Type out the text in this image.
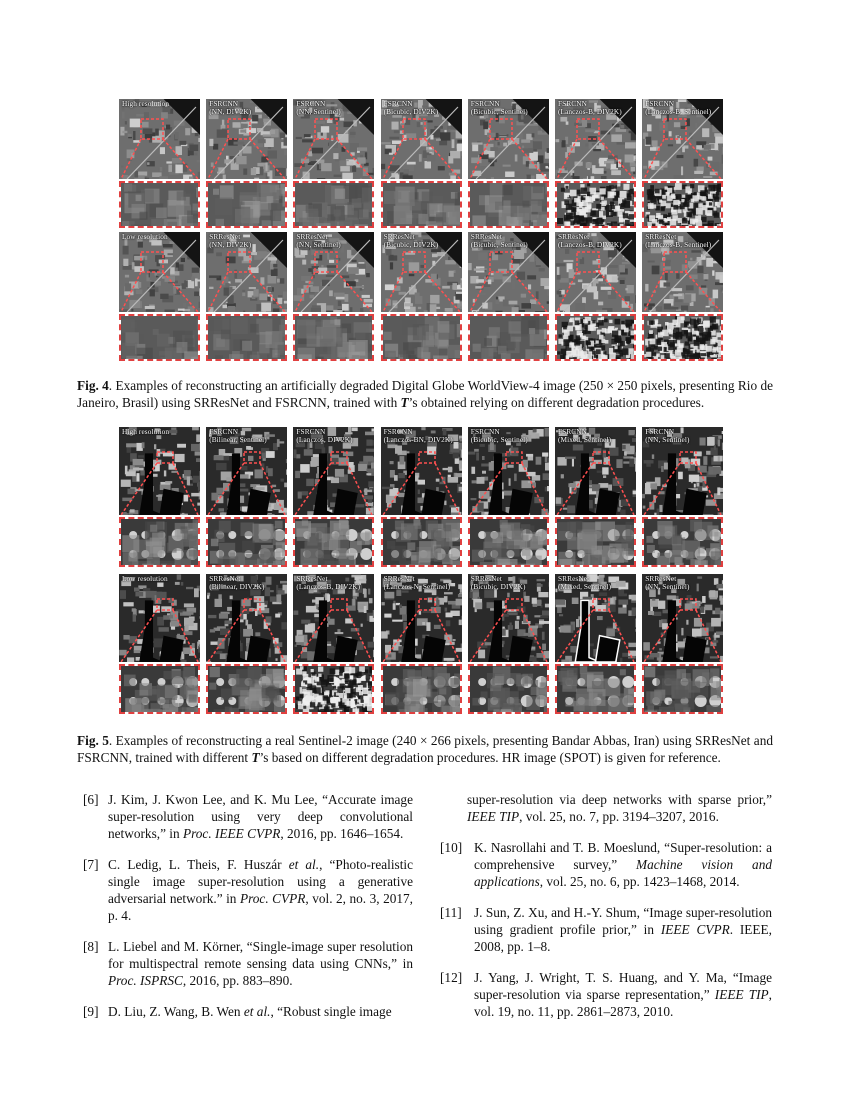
High resolution	FSRCNN
(NN, DIV2K)
FSRCNN
(NN, Sentinel)
FSRCNN
(Bicubic, DIV2K)
FSRCNN
(Bicubic, Sentinel)
FSRCNN
(Lanczos-B, DIV2K)
FSRCNN
(Lanczos-B, Sentinel)
Low resolution	SRResNet
(NN, DIV2K)
SRResNet
(NN, Sentinel)
SRResNet
(Bicubic, DIV2K)
SRResNet
(Bicubic, Sentinel)
SRResNet
(Lanczos-B, DIV2K)
SRResNet
(Lanczos-B, Sentinel)
Fig. 4. Examples of reconstructing an artificially degraded Digital Globe WorldView-4 image (250 × 250 pixels, presenting Rio de Janeiro, Brasil) using SRResNet and FSRCNN, trained with T’s obtained relying on different degradation procedures.
High resolution	FSRCNN
(Bilinear, Sentinel)
FSRCNN
(Lanczos, DIV2K)
FSRCNN
(Lanczos-BN, DIV2K)
FSRCNN
(Bicubic, Sentinel)
FSRCNN
(Mixed, Sentinel)
FSRCNN
(NN, Sentinel)
Low resolution	SRResNet
(Bilinear, DIV2K)
SRResNet
(Lanczos-B, DIV2K)
SRResNet
(Lanczos-N, Sentinel)
SRResNet
(Bicubic, DIV2K)
SRResNet
(Mixed, Sentinel)
SRResNet
(NN, Sentinel)
Fig. 5. Examples of reconstructing a real Sentinel-2 image (240 × 266 pixels, presenting Bandar Abbas, Iran) using SRResNet and FSRCNN, trained with different T’s based on different degradation procedures. HR image (SPOT) is given for reference.
[6] J. Kim, J. Kwon Lee, and K. Mu Lee, “Accurate image super-resolution using very deep convolutional networks,” in Proc. IEEE CVPR, 2016, pp. 1646–1654.
[7] C. Ledig, L. Theis, F. Huszár et al., “Photo-realistic single image super-resolution using a generative adversarial network.” in Proc. CVPR, vol. 2, no. 3, 2017, p. 4.
[8] L. Liebel and M. Körner, “Single-image super resolution for multispectral remote sensing data using CNNs,” in Proc. ISPRSC, 2016, pp. 883–890.
[9] D. Liu, Z. Wang, B. Wen et al., “Robust single image
super-resolution via deep networks with sparse prior,” IEEE TIP, vol. 25, no. 7, pp. 3194–3207, 2016.
[10] K. Nasrollahi and T. B. Moeslund, “Super-resolution: a comprehensive survey,” Machine vision and applications, vol. 25, no. 6, pp. 1423–1468, 2014.
[11] J. Sun, Z. Xu, and H.-Y. Shum, “Image super-resolution using gradient profile prior,” in IEEE CVPR. IEEE, 2008, pp. 1–8.
[12] J. Yang, J. Wright, T. S. Huang, and Y. Ma, “Image super-resolution via sparse representation,” IEEE TIP, vol. 19, no. 11, pp. 2861–2873, 2010.
